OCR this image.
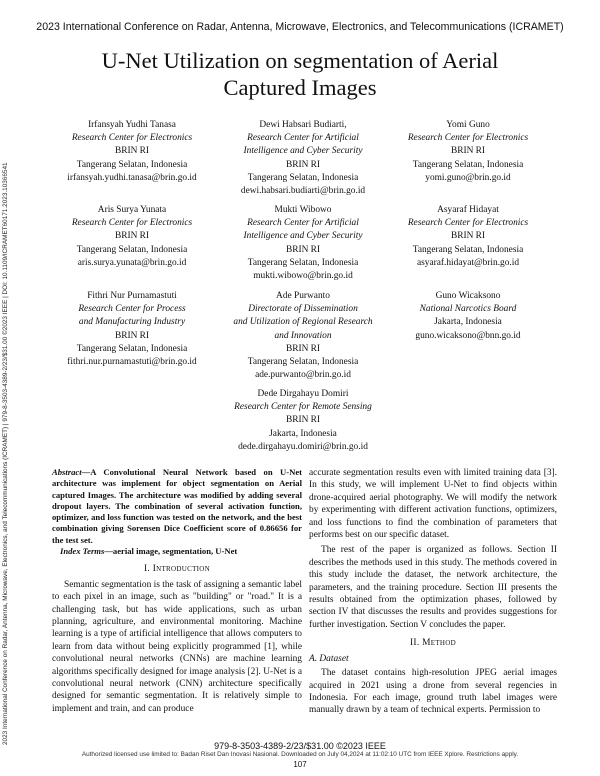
2023 International Conference on Radar, Antenna, Microwave, Electronics, and Telecommunications (ICRAMET)
2023 International Conference on Radar, Antenna, Microwave, Electronics, and Telecommunications (ICRAMET) | 979-8-3503-4389-2/23/$31.00 ©2023 IEEE | DOI: 10.1109/ICRAMET60171.2023.10366541
U-Net Utilization on segmentation of Aerial Captured Images
Irfansyah Yudhi Tanasa
Research Center for Electronics
BRIN RI
Tangerang Selatan, Indonesia
irfansyah.yudhi.tanasa@brin.go.id
Dewi Habsari Budiarti,
Research Center for Artificial
Intelligence and Cyber Security
BRIN RI
Tangerang Selatan, Indonesia
dewi.habsari.budiarti@brin.go.id
Yomi Guno
Research Center for Electronics
BRIN RI
Tangerang Selatan, Indonesia
yomi.guno@brin.go.id
Aris Surya Yunata
Research Center for Electronics
BRIN RI
Tangerang Selatan, Indonesia
aris.surya.yunata@brin.go.id
Mukti Wibowo
Research Center for Artificial
Intelligence and Cyber Security
BRIN RI
Tangerang Selatan, Indonesia
mukti.wibowo@brin.go.id
Asyaraf Hidayat
Research Center for Electronics
BRIN RI
Tangerang Selatan, Indonesia
asyaraf.hidayat@brin.go.id
Fithri Nur Purnamastuti
Research Center for Process
and Manufacturing Industry
BRIN RI
Tangerang Selatan, Indonesia
fithri.nur.purnamastuti@brin.go.id
Ade Purwanto
Directorate of Dissemination
and Utilization of Regional Research
and Innovation
BRIN RI
Tangerang Selatan, Indonesia
ade.purwanto@brin.go.id
Guno Wicaksono
National Narcotics Board
Jakarta, Indonesia
guno.wicaksono@bnn.go.id
Dede Dirgahayu Domiri
Research Center for Remote Sensing
BRIN RI
Jakarta, Indonesia
dede.dirgahayu.domiri@brin.go.id

Abstract—A Convolutional Neural Network based on U-Net architecture was implement for object segmentation on Aerial captured Images. The architecture was modified by adding several dropout layers. The combination of several activation function, optimizer, and loss function was tested on the network, and the best combination giving Sorensen Dice Coefficient score of 0.86656 for the test set.

Index Terms—aerial image, segmentation, U-Net

I. Introduction

Semantic segmentation is the task of assigning a semantic label to each pixel in an image, such as "building" or "road." It is a challenging task, but has wide applications, such as urban planning, agriculture, and environmental monitoring. Machine learning is a type of artificial intelligence that allows computers to learn from data without being explicitly programmed [1], while convolutional neural networks (CNNs) are machine learning algorithms specifically designed for image analysis [2]. U-Net is a convolutional neural network (CNN) architecture specifically designed for semantic segmentation. It is relatively simple to implement and train, and can produce

accurate segmentation results even with limited training data [3]. In this study, we will implement U-Net to find objects within drone-acquired aerial photography. We will modify the network by experimenting with different activation functions, optimizers, and loss functions to find the combination of parameters that performs best on our specific dataset.

The rest of the paper is organized as follows. Section II describes the methods used in this study. The methods covered in this study include the dataset, the network architecture, the parameters, and the training procedure. Section III presents the results obtained from the optimization phases, followed by section IV that discusses the results and provides suggestions for further investigation. Section V concludes the paper.

II. Method
A. Dataset

The dataset contains high-resolution JPEG aerial images acquired in 2021 using a drone from several regencies in Indonesia. For each image, ground truth label images were manually drawn by a team of technical experts. Permission to

979-8-3503-4389-2/23/$31.00 ©2023 IEEE
Authorized licensed use limited to: Badan Riset Dan Inovasi Nasional. Downloaded on July 04,2024 at 11:02:10 UTC from IEEE Xplore. Restrictions apply.
107
